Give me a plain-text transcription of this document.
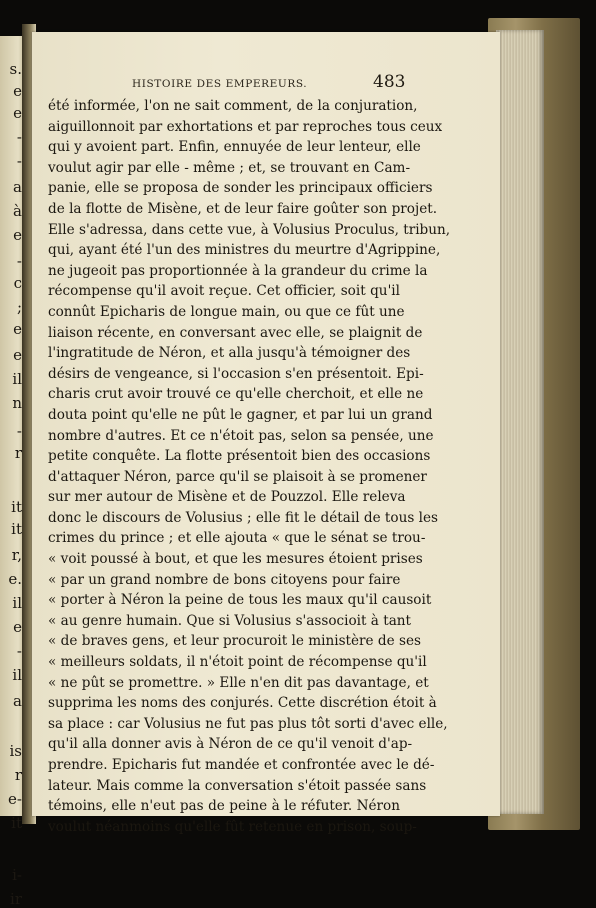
s.
e
e
-
-
a
à
e
-
c
;
e
e
il
n
-
r
it
it
r,
e.
il
e
-
il
a
is
r
e-
it
i-
ir
HISTOIRE DES EMPEREURS.	483
été informée, l'on ne sait comment, de la conjuration,
aiguillonnoit par exhortations et par reproches tous ceux
qui y avoient part. Enfin, ennuyée de leur lenteur, elle
voulut agir par elle - même ; et, se trouvant en Cam-
panie, elle se proposa de sonder les principaux officiers
de la flotte de Misène, et de leur faire goûter son projet.
Elle s'adressa, dans cette vue, à Volusius Proculus, tribun,
qui, ayant été l'un des ministres du meurtre d'Agrippine,
ne jugeoit pas proportionnée à la grandeur du crime la
récompense qu'il avoit reçue. Cet officier, soit qu'il
connût Epicharis de longue main, ou que ce fût une
liaison récente, en conversant avec elle, se plaignit de
l'ingratitude de Néron, et alla jusqu'à témoigner des
désirs de vengeance, si l'occasion s'en présentoit. Epi-
charis crut avoir trouvé ce qu'elle cherchoit, et elle ne
douta point qu'elle ne pût le gagner, et par lui un grand
nombre d'autres. Et ce n'étoit pas, selon sa pensée, une
petite conquête. La flotte présentoit bien des occasions
d'attaquer Néron, parce qu'il se plaisoit à se promener
sur mer autour de Misène et de Pouzzol. Elle releva
donc le discours de Volusius ; elle fit le détail de tous les
crimes du prince ; et elle ajouta « que le sénat se trou-
« voit poussé à bout, et que les mesures étoient prises
« par un grand nombre de bons citoyens pour faire
« porter à Néron la peine de tous les maux qu'il causoit
« au genre humain. Que si Volusius s'associoit à tant
« de braves gens, et leur procuroit le ministère de ses
« meilleurs soldats, il n'étoit point de récompense qu'il
« ne pût se promettre. » Elle n'en dit pas davantage, et
supprima les noms des conjurés. Cette discrétion étoit à
sa place : car Volusius ne fut pas plus tôt sorti d'avec elle,
qu'il alla donner avis à Néron de ce qu'il venoit d'ap-
prendre. Epicharis fut mandée et confrontée avec le dé-
lateur. Mais comme la conversation s'étoit passée sans
témoins, elle n'eut pas de peine à le réfuter. Néron
voulut néanmoins qu'elle fût retenue en prison, soup-
